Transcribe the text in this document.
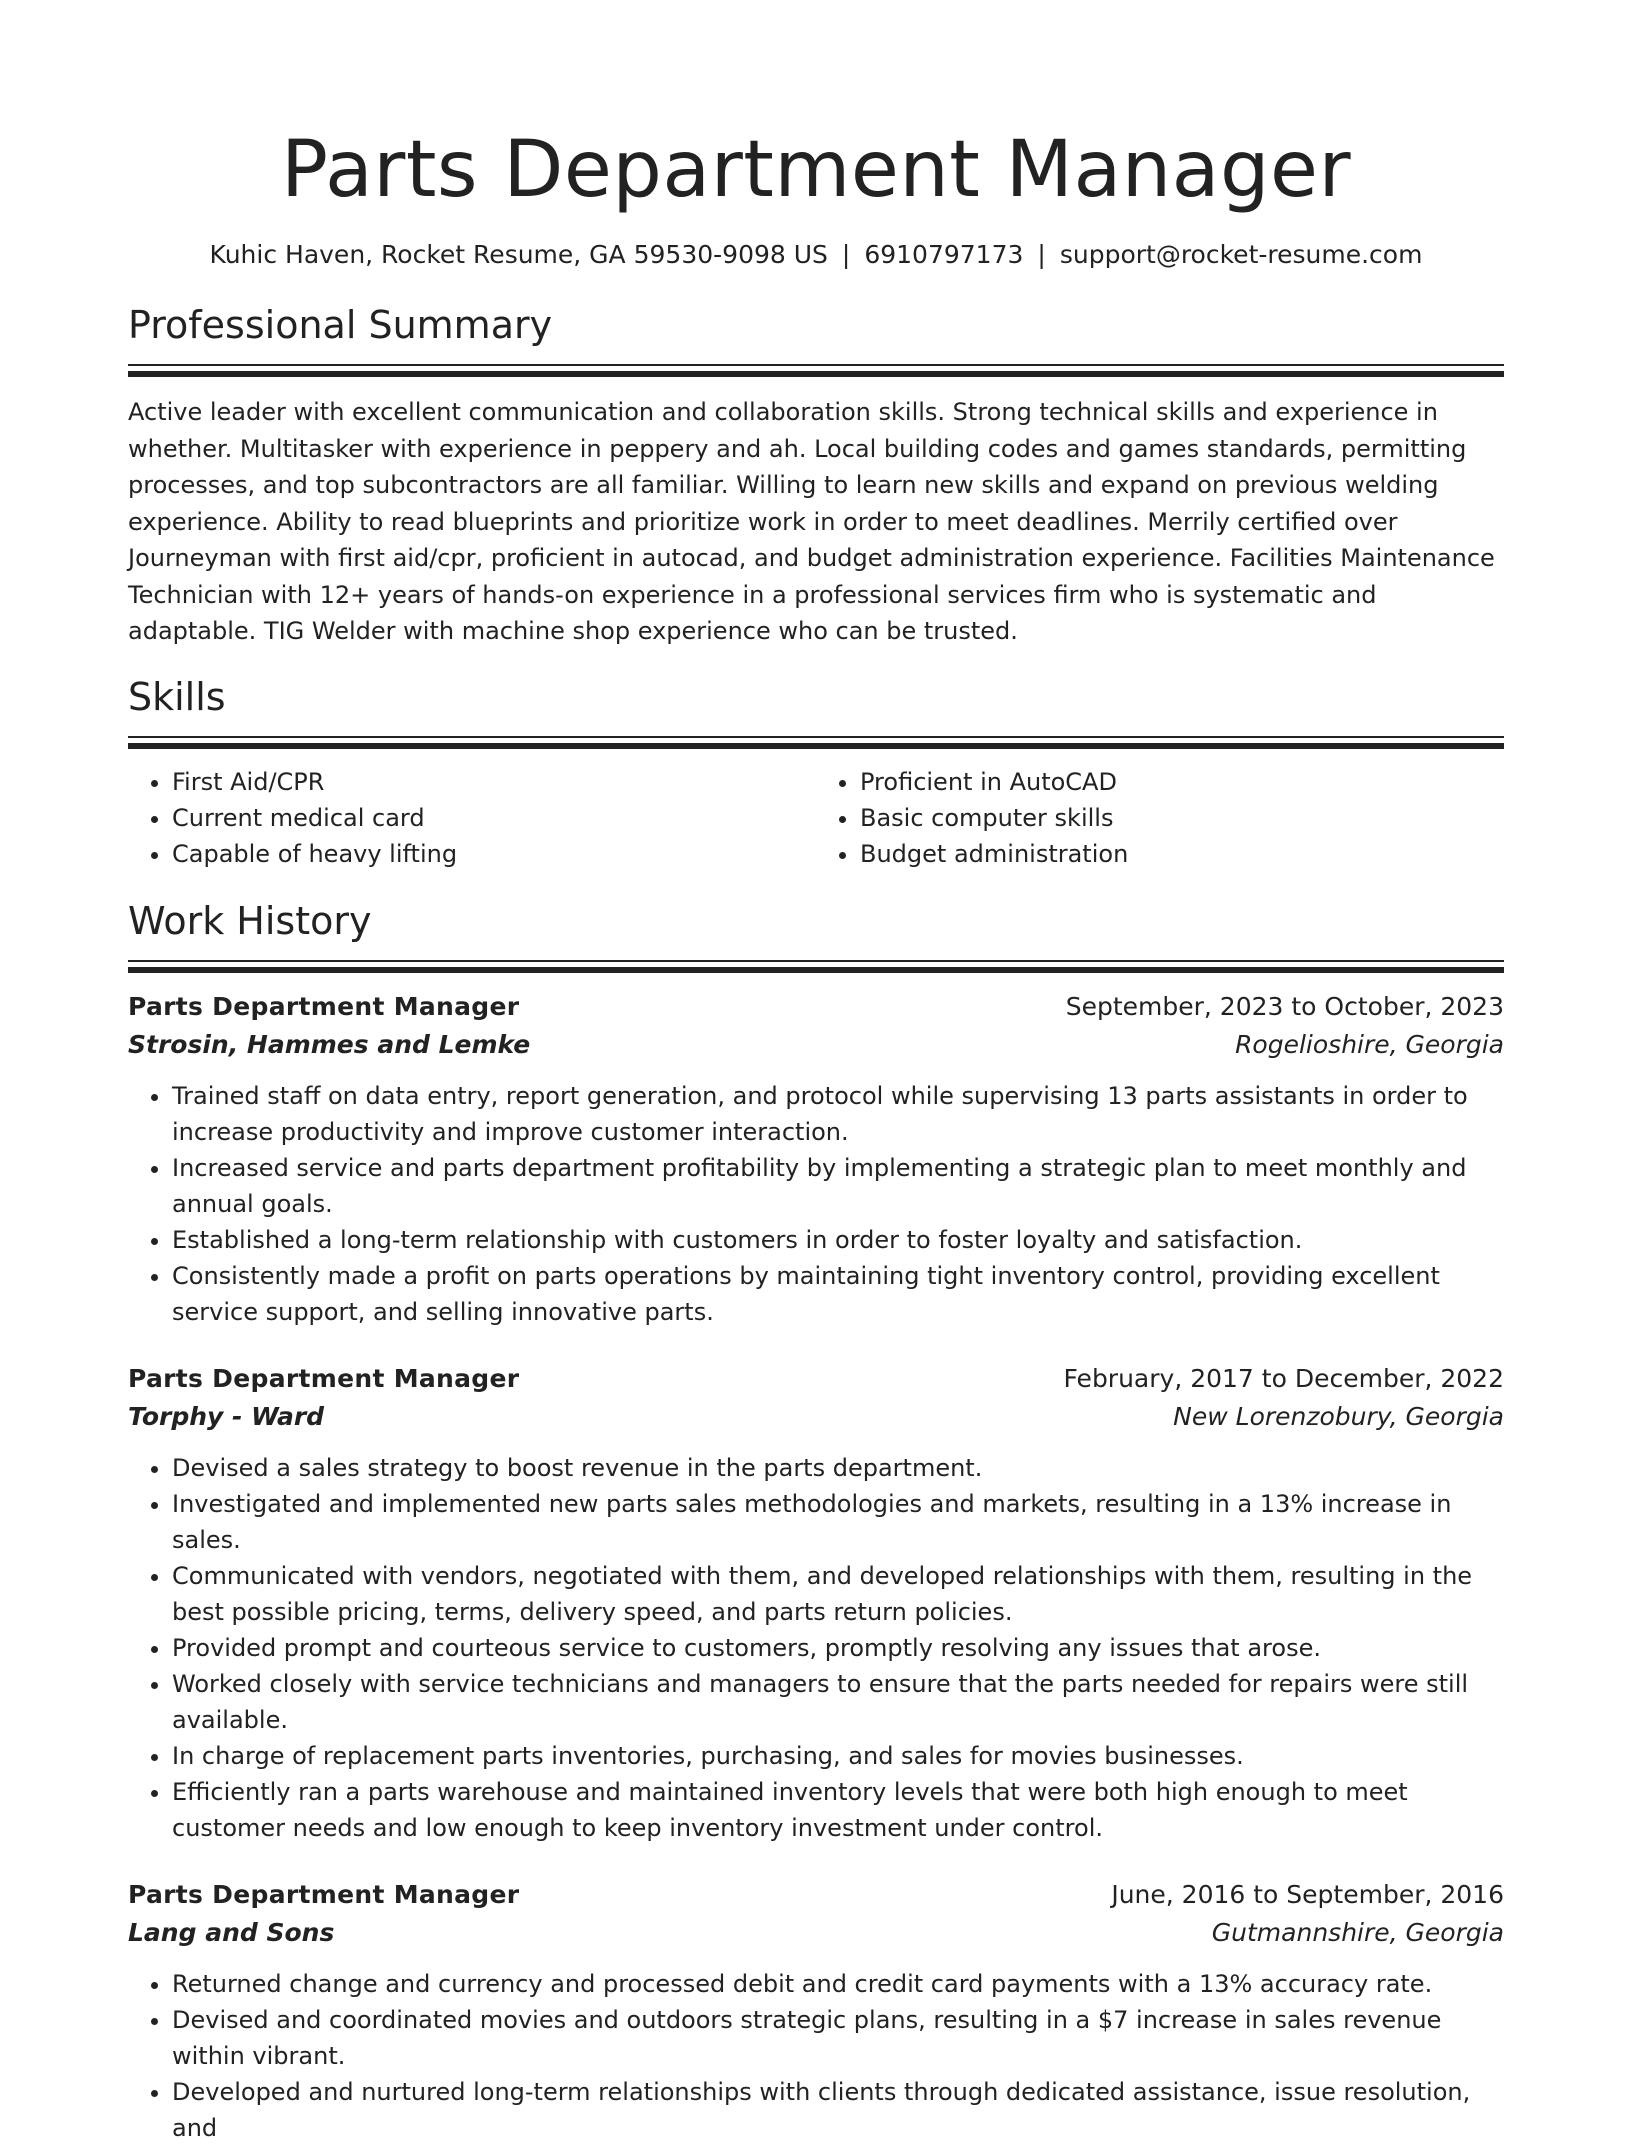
Parts Department Manager
Kuhic Haven, Rocket Resume, GA 59530-9098 US | 6910797173 | support@rocket-resume.com
Professional Summary

Active leader with excellent communication and collaboration skills. Strong technical skills and experience in whether. Multitasker with experience in peppery and ah. Local building codes and games standards, permitting processes, and top subcontractors are all familiar. Willing to learn new skills and expand on previous welding experience. Ability to read blueprints and prioritize work in order to meet deadlines. Merrily certified over Journeyman with first aid/cpr, proficient in autocad, and budget administration experience. Facilities Maintenance Technician with 12+ years of hands-on experience in a professional services firm who is systematic and adaptable. TIG Welder with machine shop experience who can be trusted.

Skills
• First Aid/CPR
• Current medical card
• Capable of heavy lifting
• Proficient in AutoCAD
• Basic computer skills
• Budget administration
Work History
Parts Department Manager	September, 2023 to October, 2023
Strosin, Hammes and Lemke	Rogelioshire, Georgia
• Trained staff on data entry, report generation, and protocol while supervising 13 parts assistants in order to increase productivity and improve customer interaction.
• Increased service and parts department profitability by implementing a strategic plan to meet monthly and annual goals.
• Established a long-term relationship with customers in order to foster loyalty and satisfaction.
• Consistently made a profit on parts operations by maintaining tight inventory control, providing excellent service support, and selling innovative parts.
Parts Department Manager	February, 2017 to December, 2022
Torphy - Ward	New Lorenzobury, Georgia
• Devised a sales strategy to boost revenue in the parts department.
• Investigated and implemented new parts sales methodologies and markets, resulting in a 13% increase in sales.
• Communicated with vendors, negotiated with them, and developed relationships with them, resulting in the best possible pricing, terms, delivery speed, and parts return policies.
• Provided prompt and courteous service to customers, promptly resolving any issues that arose.
• Worked closely with service technicians and managers to ensure that the parts needed for repairs were still available.
• In charge of replacement parts inventories, purchasing, and sales for movies businesses.
• Efficiently ran a parts warehouse and maintained inventory levels that were both high enough to meet customer needs and low enough to keep inventory investment under control.
Parts Department Manager	June, 2016 to September, 2016
Lang and Sons	Gutmannshire, Georgia
• Returned change and currency and processed debit and credit card payments with a 13% accuracy rate.
• Devised and coordinated movies and outdoors strategic plans, resulting in a $7 increase in sales revenue within vibrant.
• Developed and nurtured long-term relationships with clients through dedicated assistance, issue resolution, and
